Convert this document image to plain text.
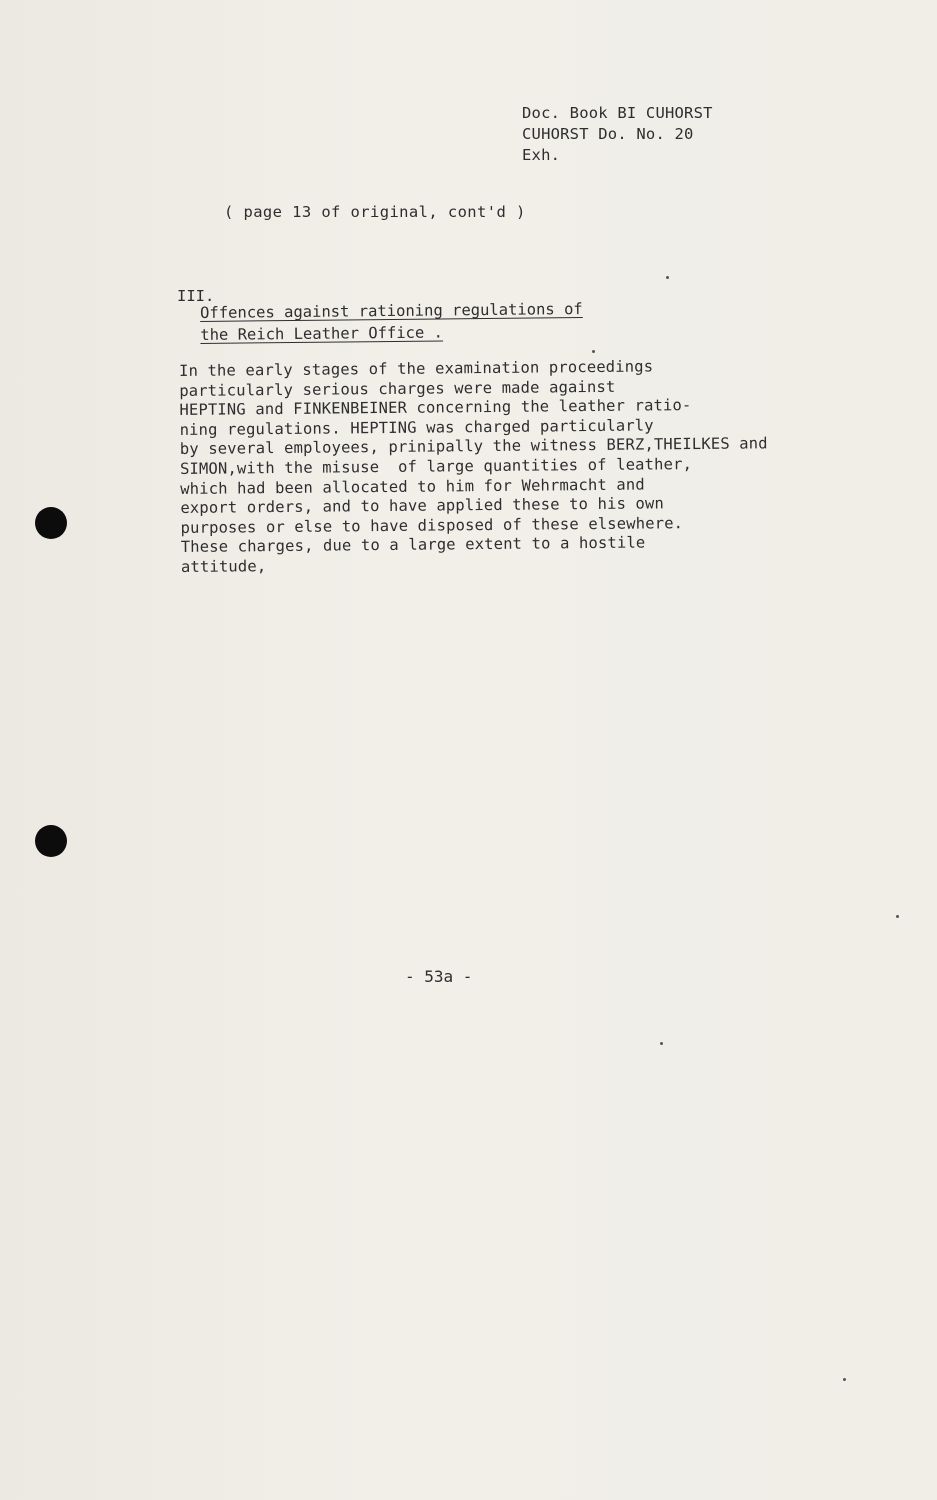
Doc. Book BI CUHORST
CUHORST Do. No. 20
Exh.
( page 13 of original, cont'd )
III.
Offences against rationing regulations of
the Reich Leather Office .
In the early stages of the examination proceedings
particularly serious charges were made against
HEPTING and FINKENBEINER concerning the leather ratio-
ning regulations. HEPTING was charged particularly
by several employees, prinipally the witness BERZ,THEILKES and
SIMON,with the misuse  of large quantities of leather,
which had been allocated to him for Wehrmacht and
export orders, and to have applied these to his own
purposes or else to have disposed of these elsewhere.
These charges, due to a large extent to a hostile
attitude,
- 53a -
